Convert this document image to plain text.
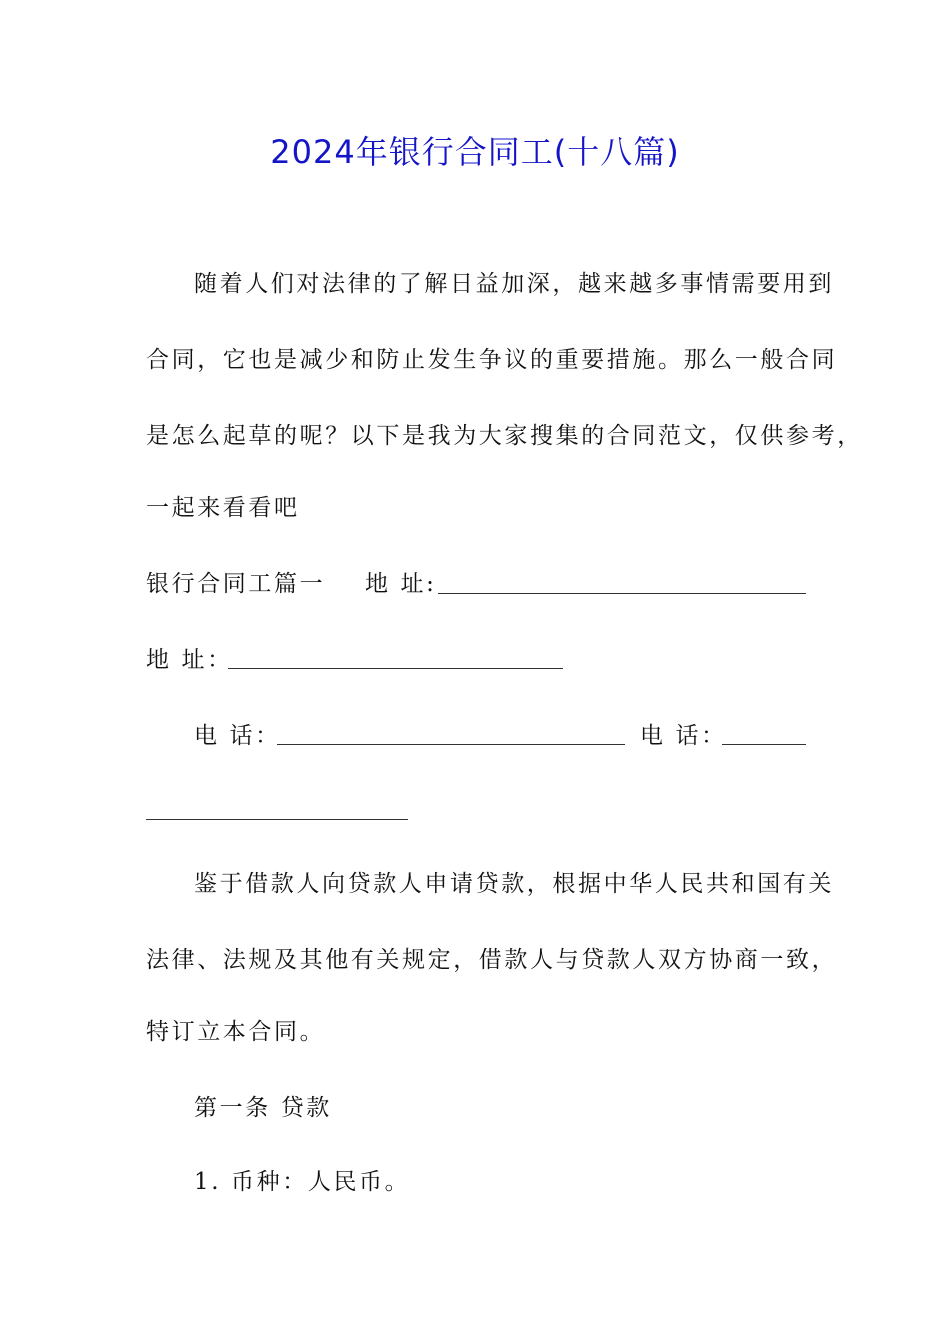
2024年银行合同工(十八篇)
随着人们对法律的了解日益加深，越来越多事情需要用到
合同，它也是减少和防止发生争议的重要措施。那么一般合同
是怎么起草的呢？以下是我为大家搜集的合同范文，仅供参考，
一起来看看吧
银行合同工篇一 地 址:
地 址：
电 话：	电 话：
鉴于借款人向贷款人申请贷款，根据中华人民共和国有关
法律、法规及其他有关规定，借款人与贷款人双方协商一致，
特订立本合同。
第一条 贷款
1. 币种：人民币。
